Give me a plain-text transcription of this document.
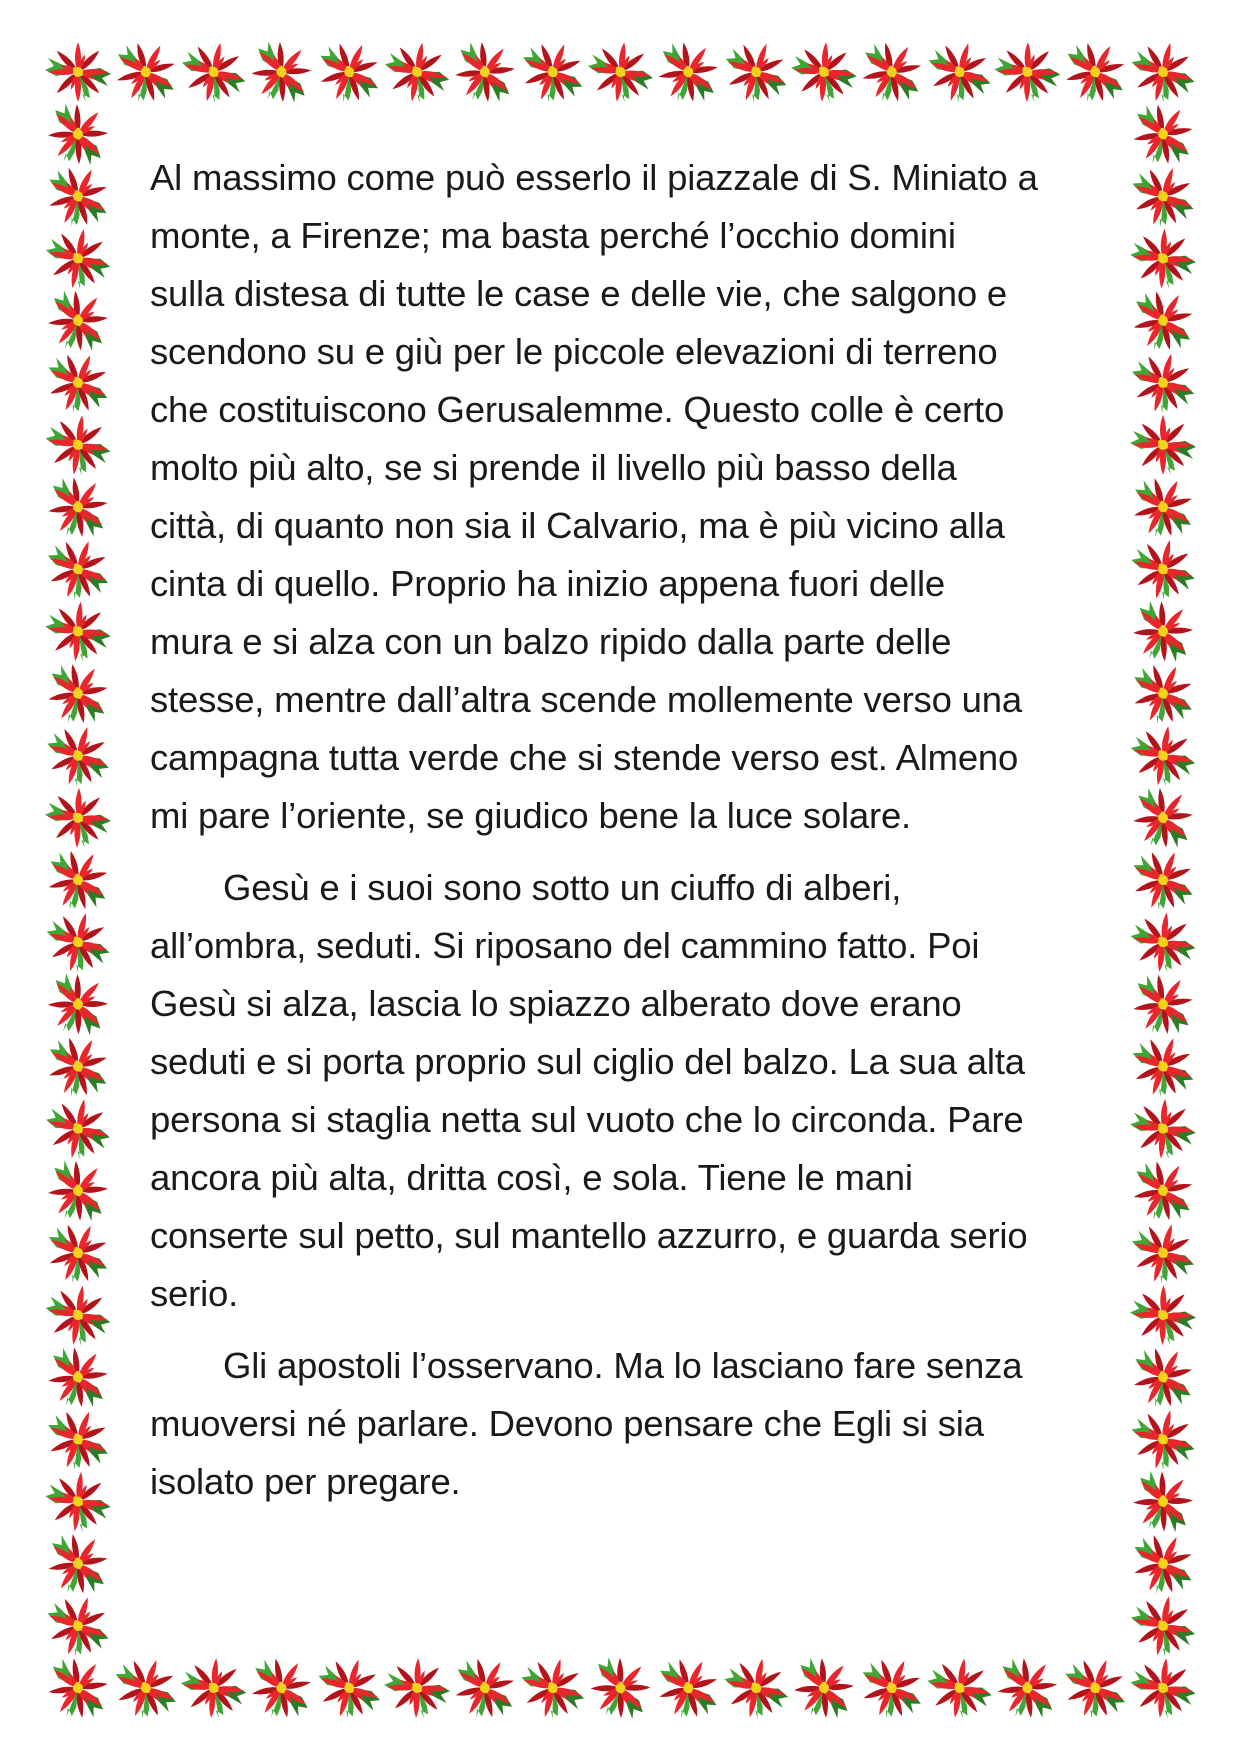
Al massimo come può esserlo il piazzale di S. Miniato a
monte, a Firenze; ma basta perché l’occhio domini
sulla distesa di tutte le case e delle vie, che salgono e
scendono su e giù per le piccole elevazioni di terreno
che costituiscono Gerusalemme. Questo colle è certo
molto più alto, se si prende il livello più basso della
città, di quanto non sia il Calvario, ma è più vicino alla
cinta di quello. Proprio ha inizio appena fuori delle
mura e si alza con un balzo ripido dalla parte delle
stesse, mentre dall’altra scende mollemente verso una
campagna tutta verde che si stende verso est. Almeno
mi pare l’oriente, se giudico bene la luce solare.

Gesù e i suoi sono sotto un ciuffo di alberi,
all’ombra, seduti. Si riposano del cammino fatto. Poi
Gesù si alza, lascia lo spiazzo alberato dove erano
seduti e si porta proprio sul ciglio del balzo. La sua alta
persona si staglia netta sul vuoto che lo circonda. Pare
ancora più alta, dritta così, e sola. Tiene le mani
conserte sul petto, sul mantello azzurro, e guarda serio
serio.

Gli apostoli l’osservano. Ma lo lasciano fare senza
muoversi né parlare. Devono pensare che Egli si sia
isolato per pregare.
